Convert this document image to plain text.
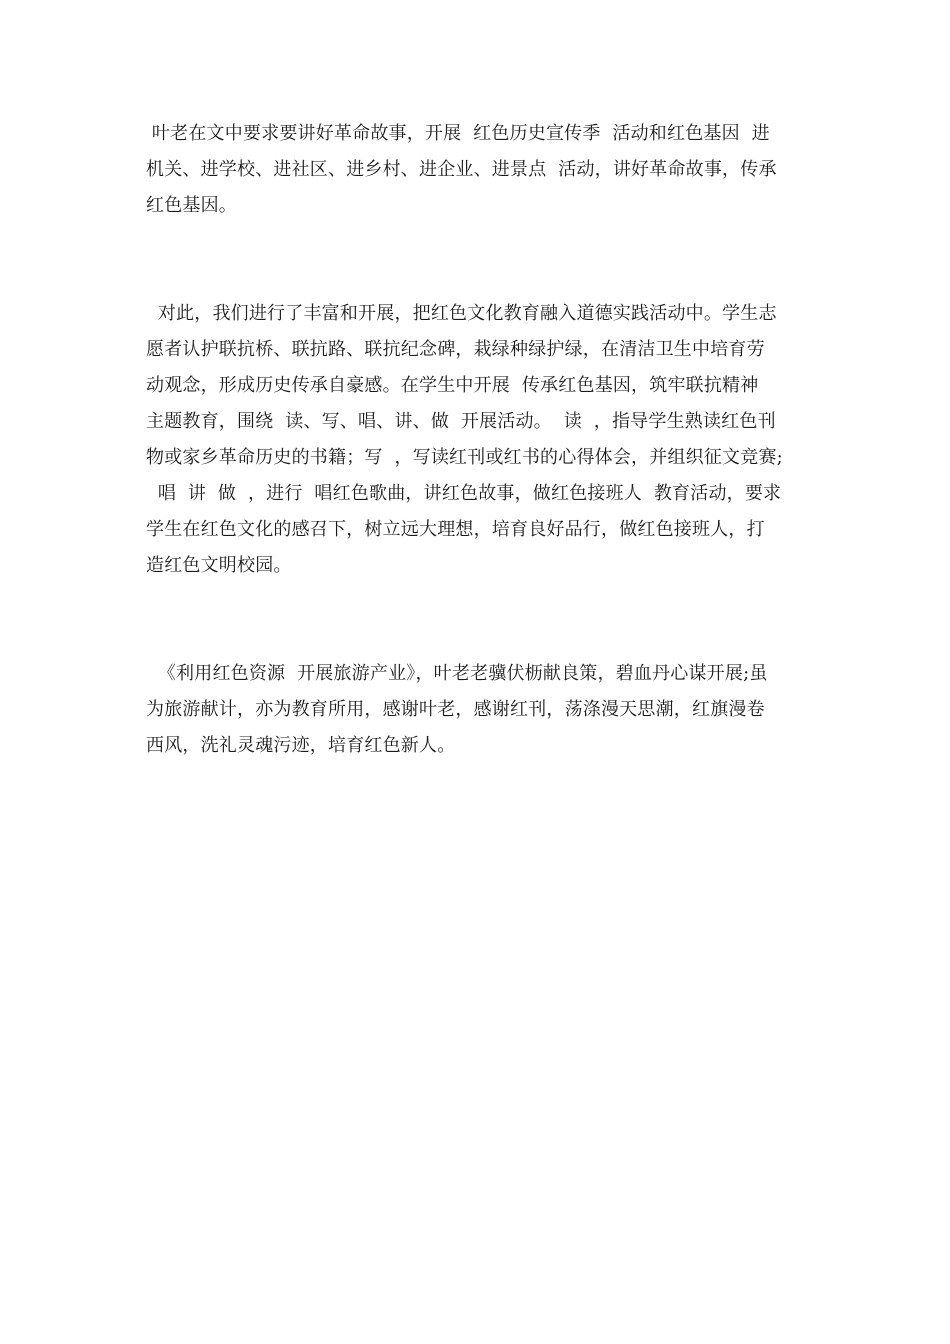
叶老在文中要求要讲好革命故事，开展  红色历史宣传季  活动和红色基因  进
机关、进学校、进社区、进乡村、进企业、进景点  活动，讲好革命故事，传承
红色基因。
对此，我们进行了丰富和开展，把红色文化教育融入道德实践活动中。学生志
愿者认护联抗桥、联抗路、联抗纪念碑，栽绿种绿护绿，在清洁卫生中培育劳
动观念，形成历史传承自豪感。在学生中开展  传承红色基因，筑牢联抗精神
主题教育，围绕  读、写、唱、讲、做  开展活动。  读  ，指导学生熟读红色刊
物或家乡革命历史的书籍；写  ，写读红刊或红书的心得体会，并组织征文竞赛;
唱  讲  做  ，进行  唱红色歌曲，讲红色故事，做红色接班人  教育活动，要求
学生在红色文化的感召下，树立远大理想，培育良好品行，做红色接班人，打
造红色文明校园。
《利用红色资源  开展旅游产业》，叶老老骥伏枥献良策，碧血丹心谋开展;虽
为旅游献计，亦为教育所用，感谢叶老，感谢红刊，荡涤漫天思潮，红旗漫卷
西风，洗礼灵魂污迹，培育红色新人。
